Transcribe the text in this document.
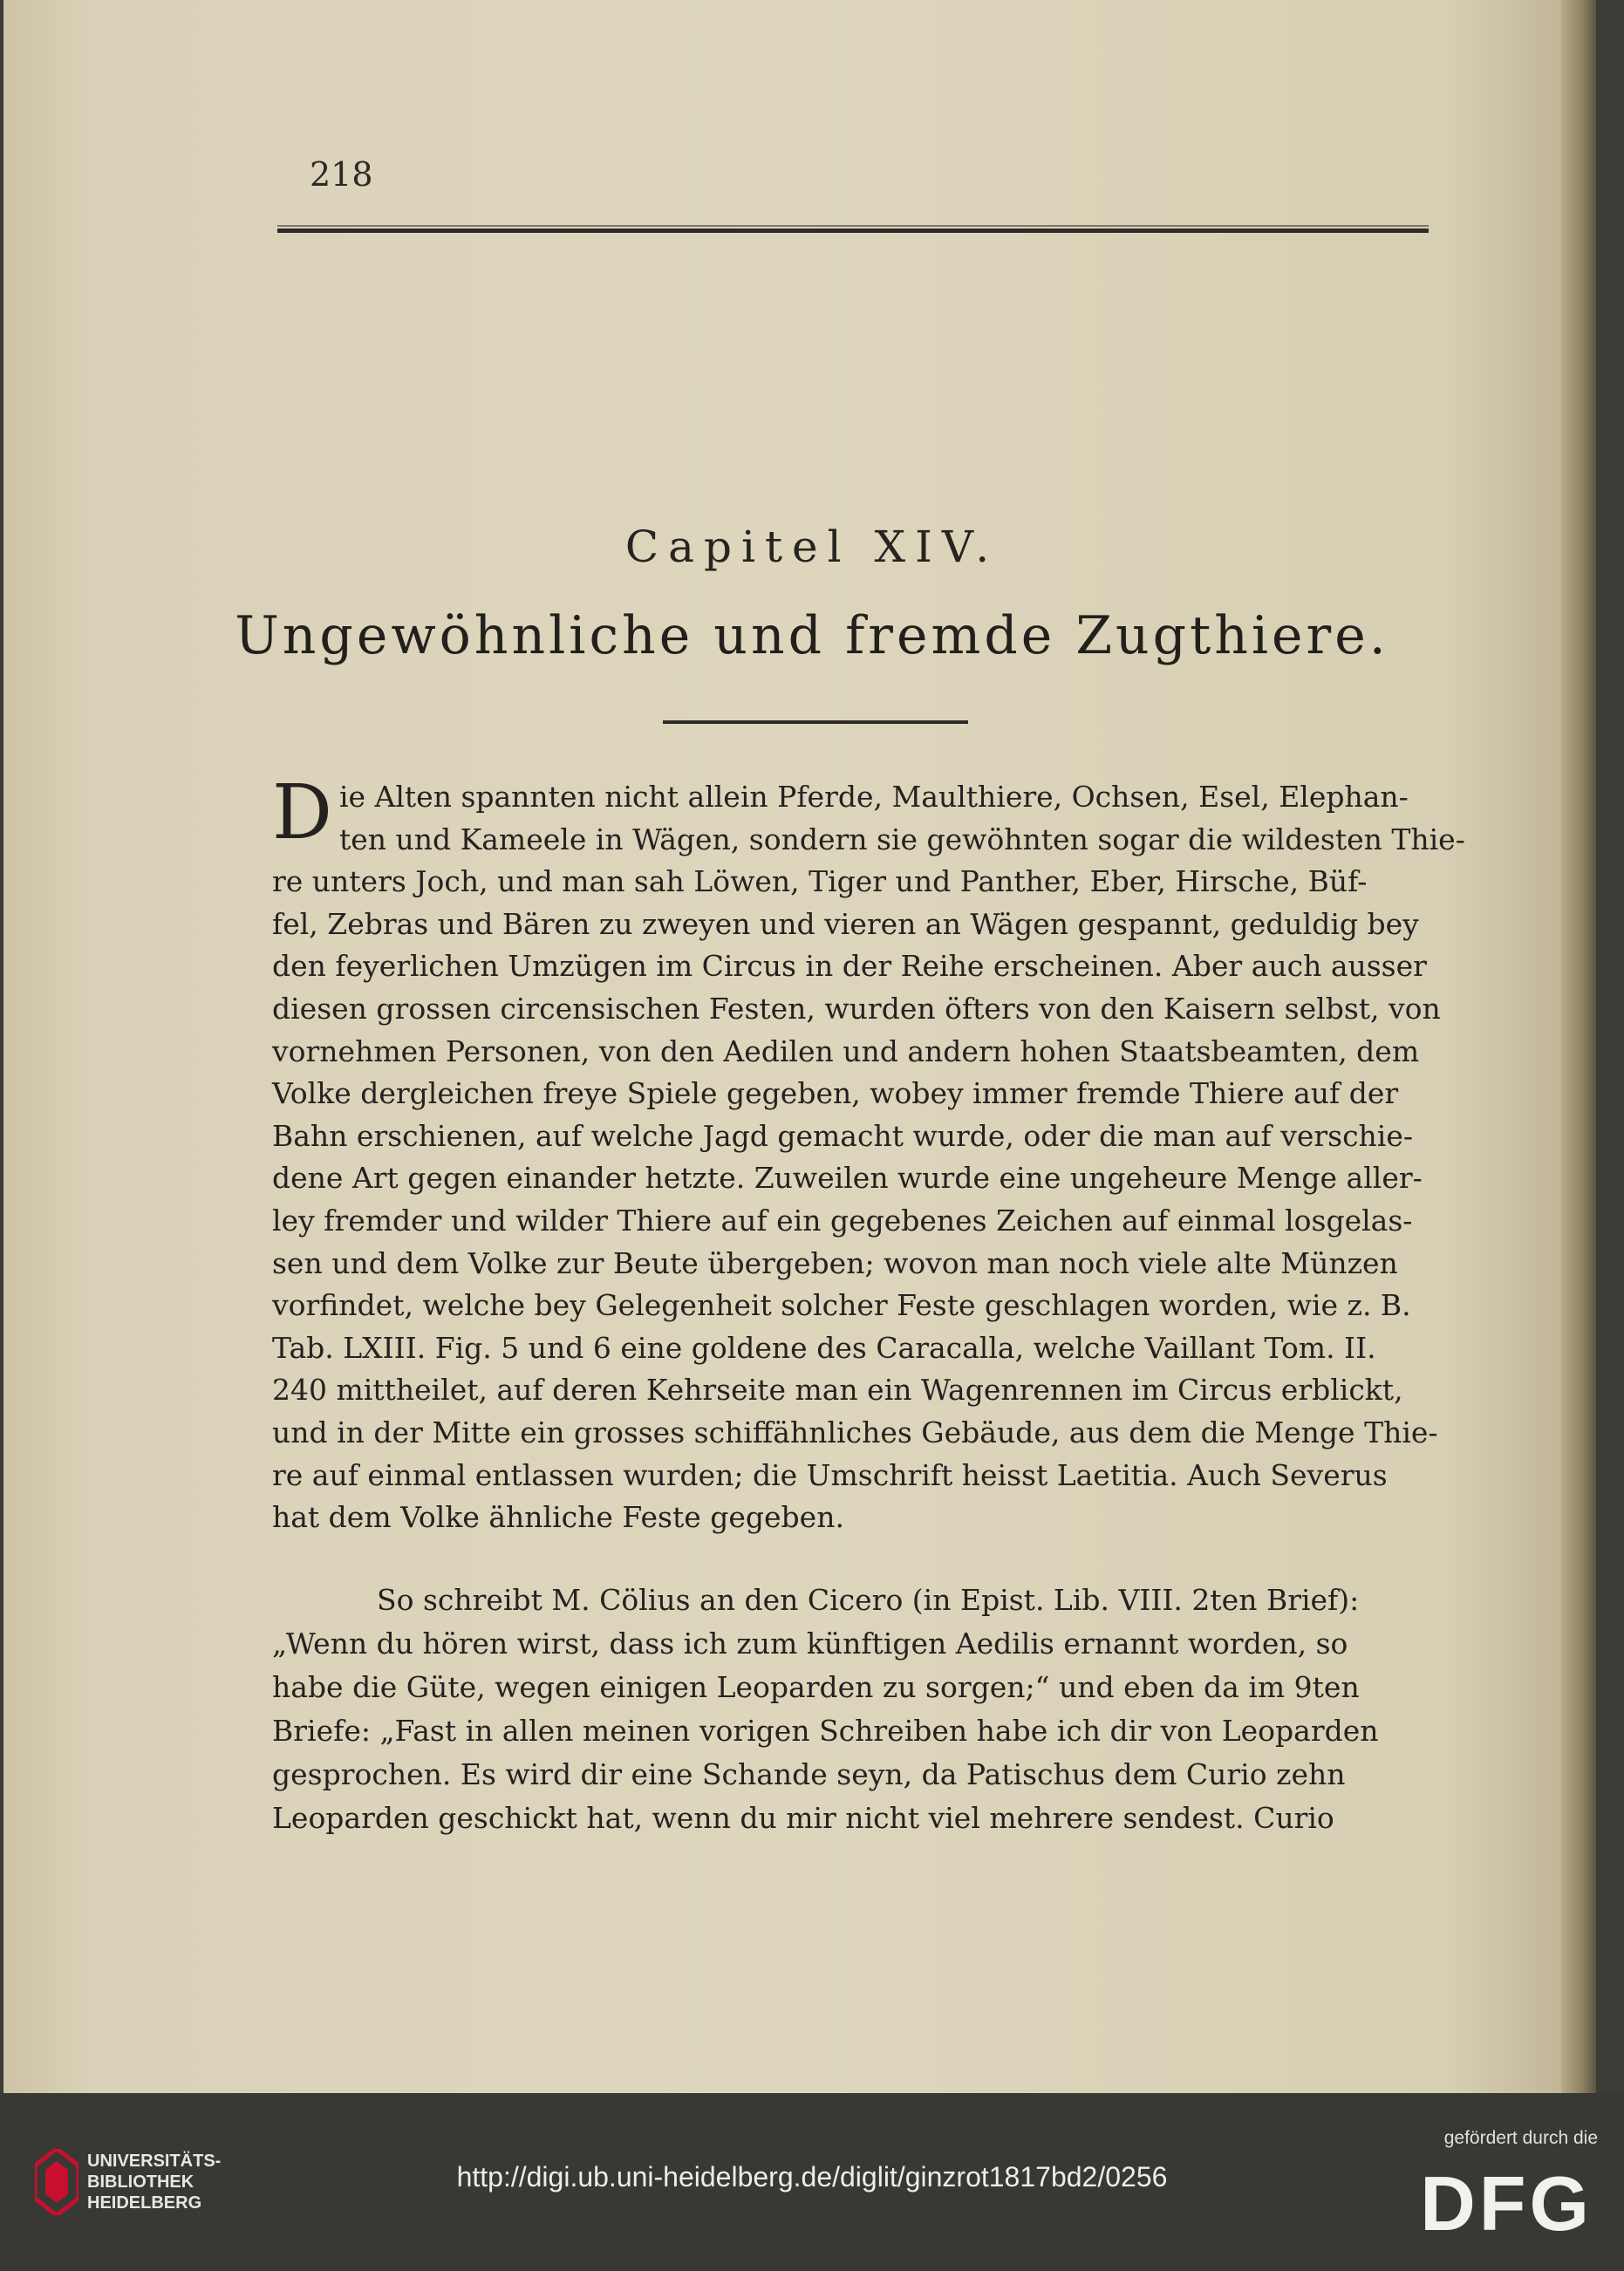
218
Capitel XIV.
Ungewöhnliche und fremde Zugthiere.
D ie Alten spannten nicht allein Pferde, Maulthiere, Ochsen, Esel, Elephan-
ten und Kameele in Wägen, sondern sie gewöhnten sogar die wildesten Thie-
re unters Joch, und man sah Löwen, Tiger und Panther, Eber, Hirsche, Büf-
fel, Zebras und Bären zu zweyen und vieren an Wägen gespannt, geduldig bey
den feyerlichen Umzügen im Circus in der Reihe erscheinen. Aber auch ausser
diesen grossen circensischen Festen, wurden öfters von den Kaisern selbst, von
vornehmen Personen, von den Aedilen und andern hohen Staatsbeamten, dem
Volke dergleichen freye Spiele gegeben, wobey immer fremde Thiere auf der
Bahn erschienen, auf welche Jagd gemacht wurde, oder die man auf verschie-
dene Art gegen einander hetzte. Zuweilen wurde eine ungeheure Menge aller-
ley fremder und wilder Thiere auf ein gegebenes Zeichen auf einmal losgelas-
sen und dem Volke zur Beute übergeben; wovon man noch viele alte Münzen
vorfindet, welche bey Gelegenheit solcher Feste geschlagen worden, wie z. B.
Tab. LXIII. Fig. 5 und 6 eine goldene des Caracalla, welche Vaillant Tom. II.
240 mittheilet, auf deren Kehrseite man ein Wagenrennen im Circus erblickt,
und in der Mitte ein grosses schiffähnliches Gebäude, aus dem die Menge Thie-
re auf einmal entlassen wurden; die Umschrift heisst Laetitia. Auch Severus
hat dem Volke ähnliche Feste gegeben.
So schreibt M. Cölius an den Cicero (in Epist. Lib. VIII. 2ten Brief):
„Wenn du hören wirst, dass ich zum künftigen Aedilis ernannt worden, so
habe die Güte, wegen einigen Leoparden zu sorgen;“ und eben da im 9ten
Briefe: „Fast in allen meinen vorigen Schreiben habe ich dir von Leoparden
gesprochen. Es wird dir eine Schande seyn, da Patischus dem Curio zehn
Leoparden geschickt hat, wenn du mir nicht viel mehrere sendest. Curio
UNIVERSITÄTS-
BIBLIOTHEK
HEIDELBERG
http://digi.ub.uni-heidelberg.de/diglit/ginzrot1817bd2/0256
gefördert durch die
DFG
